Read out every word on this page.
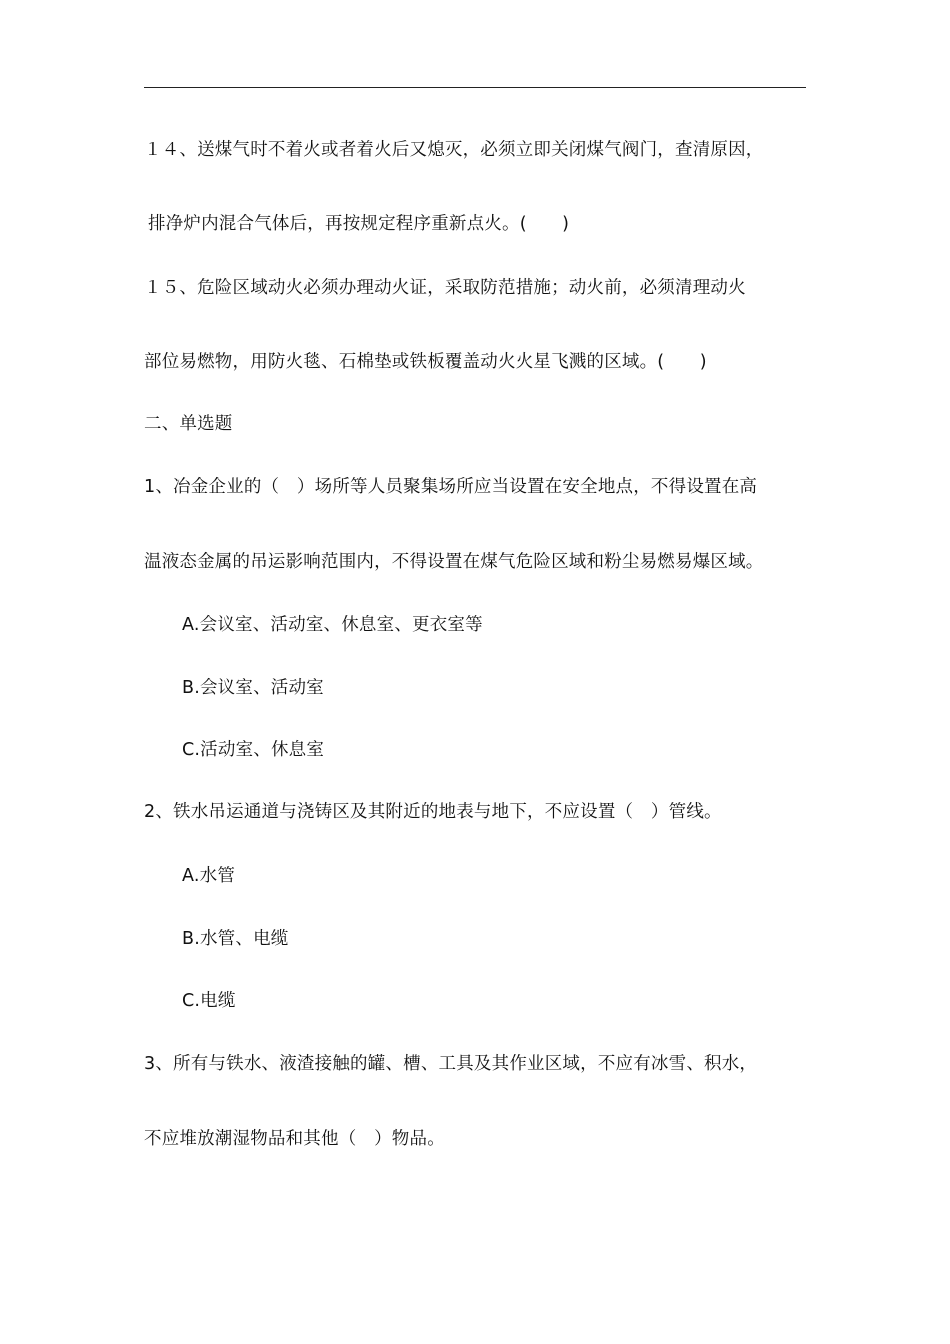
１４、送煤气时不着火或者着火后又熄灭，必须立即关闭煤气阀门，查清原因，
排净炉内混合气体后，再按规定程序重新点火。(　　)
１５、危险区域动火必须办理动火证，采取防范措施；动火前，必须清理动火
部位易燃物，用防火毯、石棉垫或铁板覆盖动火火星飞溅的区域。(　　)
二、单选题
1、冶金企业的（　）场所等人员聚集场所应当设置在安全地点，不得设置在高
温液态金属的吊运影响范围内，不得设置在煤气危险区域和粉尘易燃易爆区域。
A.会议室、活动室、休息室、更衣室等
B.会议室、活动室
C.活动室、休息室
2、铁水吊运通道与浇铸区及其附近的地表与地下，不应设置（　）管线。
A.水管
B.水管、电缆
C.电缆
3、所有与铁水、液渣接触的罐、槽、工具及其作业区域，不应有冰雪、积水，
不应堆放潮湿物品和其他（　）物品。
